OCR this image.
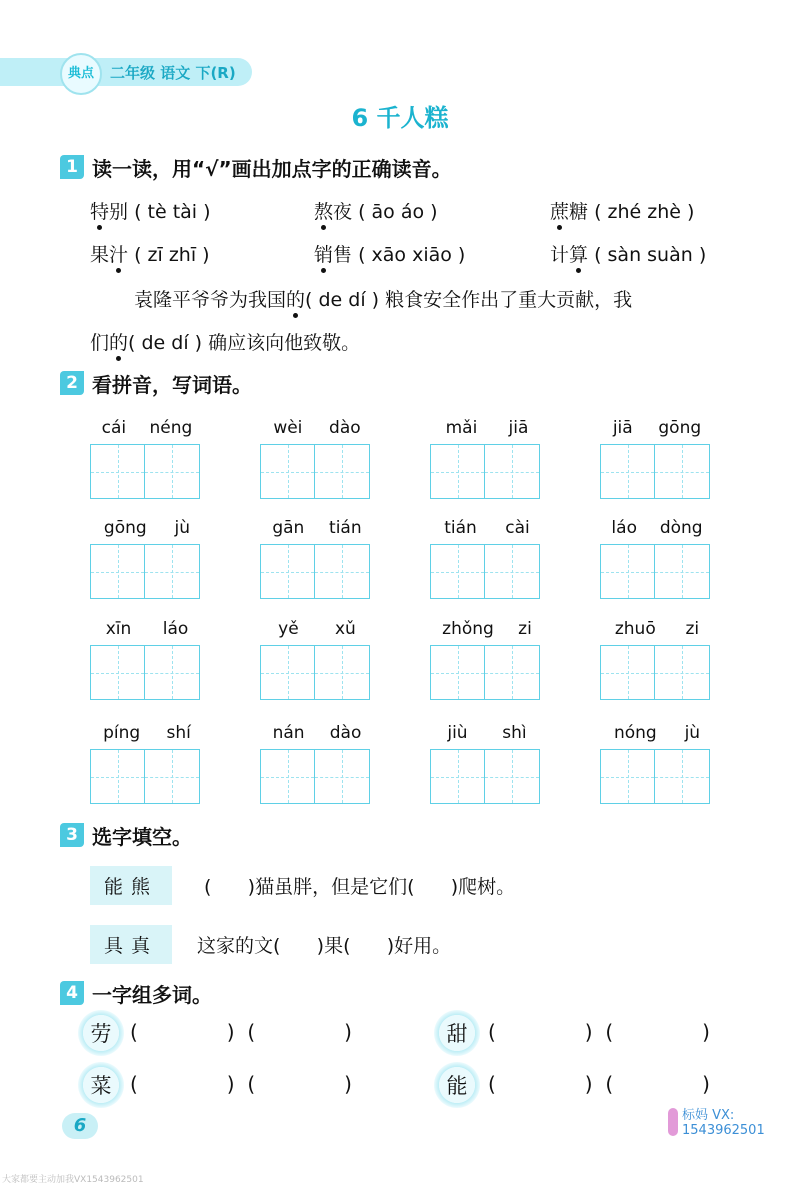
典点	二年级 语文 下(R)
6 千人糕
1 读一读，用“√”画出加点字的正确读音。
特别 ( tè tài )	熬夜 ( āo áo )	蔗糖 ( zhé zhè )
果汁 ( zī zhī )	销售 ( xāo xiāo )	计算 ( sàn suàn )
袁隆平爷爷为我国的( de dí ) 粮食安全作出了重大贡献，我
们的( de dí ) 确应该向他致敬。
2 看拼音，写词语。
cái néng	wèi dào	mǎi jiā	jiā gōng
gōng jù	gān tián	tián cài	láo dòng
xīn láo	yě xǔ	zhǒng zi	zhuō zi
píng shí	nán dào	jiù shì	nóng jù
3 选字填空。
能熊	(      )猫虽胖，但是它们(      )爬树。
具真	这家的文(      )果(      )好用。
4 一字组多词。
劳 (              )  (              )	甜	(              )  (              )
菜 (              )  (              )	能	(              )  (              )
6	标妈 VX:
1543962501
大家都要主动加我VX1543962501
